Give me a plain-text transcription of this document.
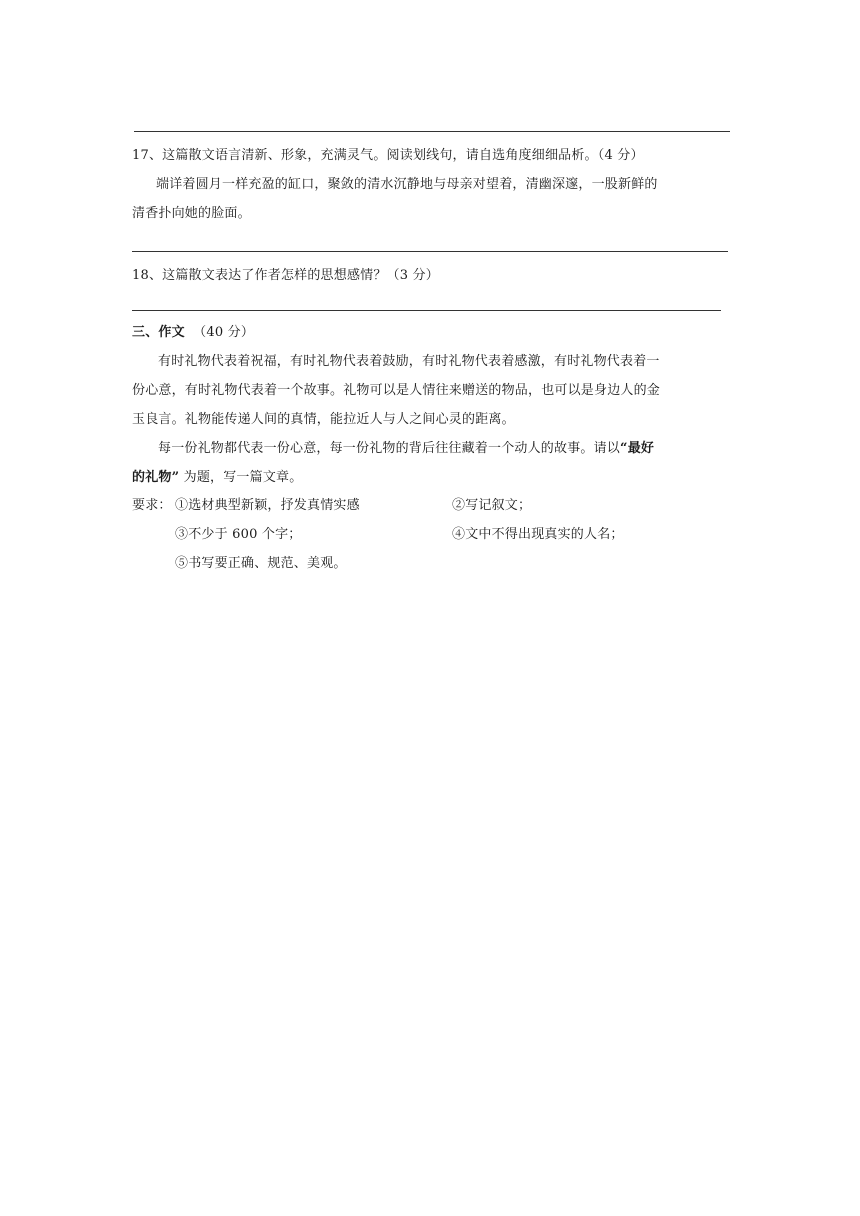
17、这篇散文语言清新、形象，充满灵气。阅读划线句，请自选角度细细品析。（4 分）
端详着圆月一样充盈的缸口，聚敛的清水沉静地与母亲对望着，清幽深邃，一股新鲜的
清香扑向她的脸面。
18、这篇散文表达了作者怎样的思想感情？（3 分）
三、作文 （40 分）
有时礼物代表着祝福，有时礼物代表着鼓励，有时礼物代表着感激，有时礼物代表着一
份心意，有时礼物代表着一个故事。礼物可以是人情往来赠送的物品，也可以是身边人的金
玉良言。礼物能传递人间的真情，能拉近人与人之间心灵的距离。
每一份礼物都代表一份心意，每一份礼物的背后往往藏着一个动人的故事。请以“最好
的礼物” 为题，写一篇文章。
要求： ①选材典型新颖，抒发真情实感	②写记叙文；
③不少于 600 个字；	④文中不得出现真实的人名；
⑤书写要正确、规范、美观。
